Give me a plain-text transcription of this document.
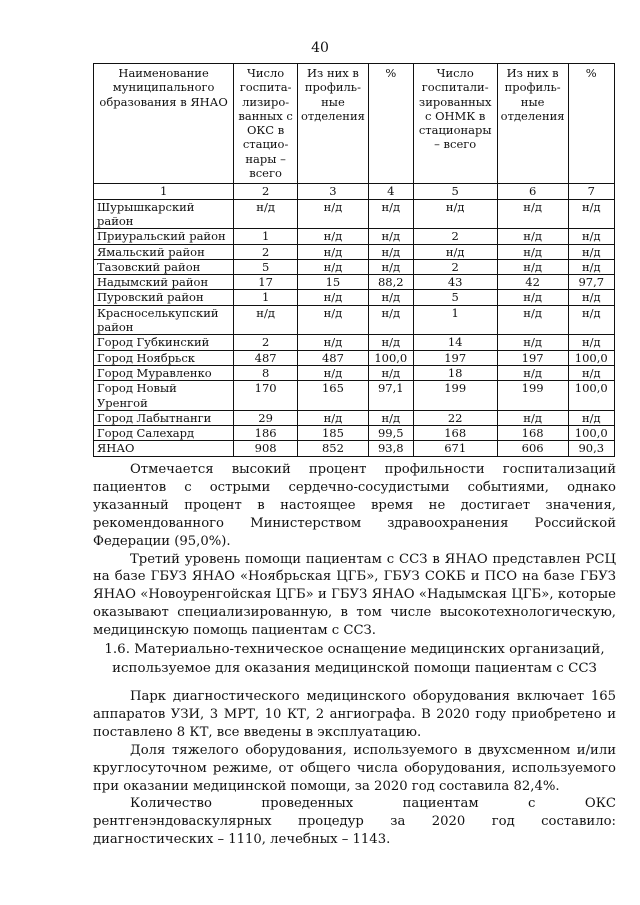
40
Наименование муниципального образования в ЯНАО	Число госпита-лизиро-ванных с ОКС в стацио-нары – всего	Из них в профиль-ные отделения	%	Число госпитали-зированных с ОНМК в стационары – всего	Из них в профиль-ные отделения	%
1	2	3	4	5	6	7
Шурышкарский район	н/д	н/д	н/д	н/д	н/д	н/д
Приуральский район	1	н/д	н/д	2	н/д	н/д
Ямальский район	2	н/д	н/д	н/д	н/д	н/д
Тазовский район	5	н/д	н/д	2	н/д	н/д
Надымский район	17	15	88,2	43	42	97,7
Пуровский район	1	н/д	н/д	5	н/д	н/д
Красноселькупский район	н/д	н/д	н/д	1	н/д	н/д
Город Губкинский	2	н/д	н/д	14	н/д	н/д
Город Ноябрьск	487	487	100,0	197	197	100,0
Город Муравленко	8	н/д	н/д	18	н/д	н/д
Город Новый Уренгой	170	165	97,1	199	199	100,0
Город Лабытнанги	29	н/д	н/д	22	н/д	н/д
Город Салехард	186	185	99,5	168	168	100,0
ЯНАО	908	852	93,8	671	606	90,3

Отмечается высокий процент профильности госпитализаций пациентов с острыми сердечно-сосудистыми событиями, однако указанный процент в настоящее время не достигает значения, рекомендованного Министерством здравоохранения Российской Федерации (95,0%).

Третий уровень помощи пациентам с ССЗ в ЯНАО представлен РСЦ на базе ГБУЗ ЯНАО «Ноябрьская ЦГБ», ГБУЗ СОКБ и ПСО на базе ГБУЗ ЯНАО «Новоуренгойская ЦГБ» и ГБУЗ ЯНАО «Надымская ЦГБ», которые оказывают специализированную, в том числе высокотехнологическую, медицинскую помощь пациентам с ССЗ.

1.6. Материально-техническое оснащение медицинских организаций,
используемое для оказания медицинской помощи пациентам с ССЗ

Парк диагностического медицинского оборудования включает 165 аппаратов УЗИ, 3 МРТ, 10 КТ, 2 ангиографа. В 2020 году приобретено и поставлено 8 КТ, все введены в эксплуатацию.

Доля тяжелого оборудования, используемого в двухсменном и/или круглосуточном режиме, от общего числа оборудования, используемого при оказании медицинской помощи, за 2020 год составила 82,4%.

Количество проведенных пациентам с ОКС рентгенэндоваскулярных процедур за 2020 год составило: диагностических – 1110, лечебных – 1143.
